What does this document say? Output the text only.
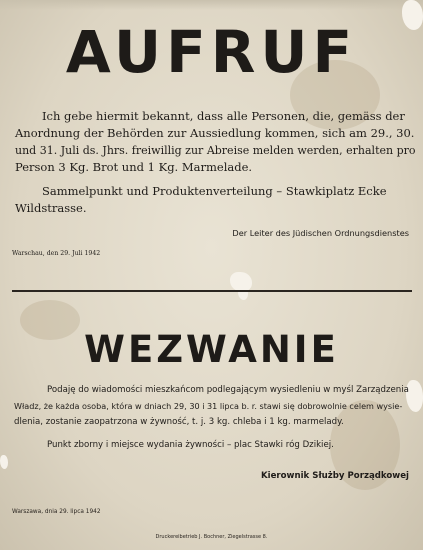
AUFRUF
Ich gebe hiermit bekannt, dass alle Personen, die, gemäss der
Anordnung der Behörden zur Aussiedlung kommen, sich am 29., 30.
und 31. Juli ds. Jhrs. freiwillig zur Abreise melden werden, erhalten pro
Person 3 Kg. Brot und 1 Kg. Marmelade.
Sammelpunkt und Produktenverteilung – Stawkiplatz Ecke
Wildstrasse.
Der Leiter des Jüdischen Ordnungsdienstes
Warschau, den 29. Juli 1942
WEZWANIE
Podaję do wiadomości mieszkańcom podlegającym wysiedleniu w myśl Zarządzenia
Władz, że każda osoba, która w dniach 29, 30 i 31 lipca b. r. stawi się dobrowolnie celem wysie-
dlenia, zostanie zaopatrzona w żywność, t. j. 3 kg. chleba i 1 kg. marmelady.
Punkt zborny i miejsce wydania żywności – plac Stawki róg Dzikiej.
Kierownik Służby Porządkowej
Warszawa, dnia 29. lipca 1942
Druckereibetrieb J. Bochner, Ziegelstrasse 8.
